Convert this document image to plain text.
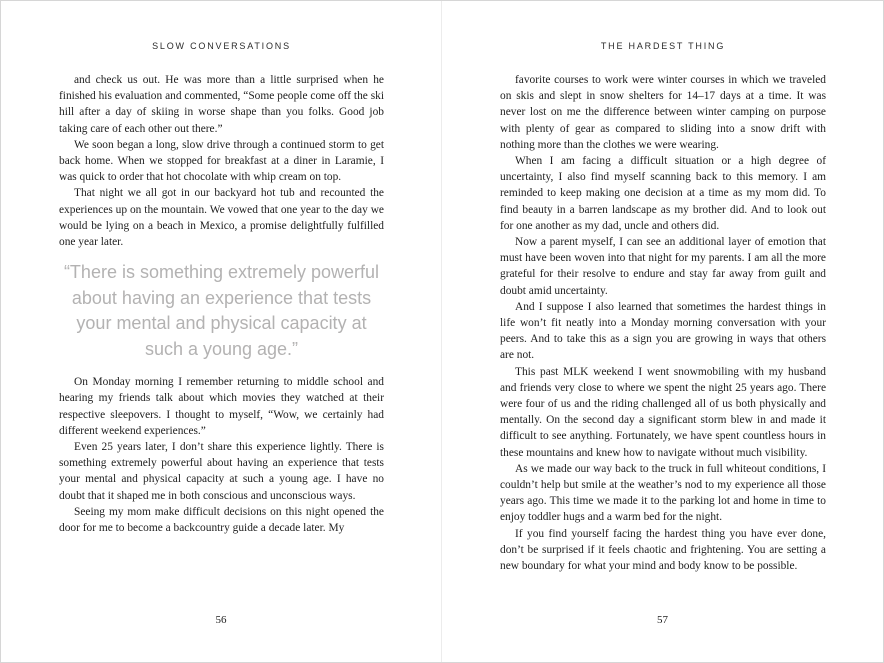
SLOW CONVERSATIONS

and check us out. He was more than a little surprised when he finished his evaluation and commented, “Some people come off the ski hill after a day of skiing in worse shape than you folks. Good job taking care of each other out there.”

We soon began a long, slow drive through a continued storm to get back home. When we stopped for breakfast at a diner in Laramie, I was quick to order that hot chocolate with whip cream on top.

That night we all got in our backyard hot tub and recounted the experiences up on the mountain. We vowed that one year to the day we would be lying on a beach in Mexico, a promise delightfully fulfilled one year later.

“There is something extremely powerful about having an experience that tests your mental and physical capacity at such a young age.”

On Monday morning I remember returning to middle school and hearing my friends talk about which movies they watched at their respective sleepovers. I thought to myself, “Wow, we certainly had different weekend experiences.”

Even 25 years later, I don’t share this experience lightly. There is something extremely powerful about having an experience that tests your mental and physical capacity at such a young age. I have no doubt that it shaped me in both conscious and unconscious ways.

Seeing my mom make difficult decisions on this night opened the door for me to become a backcountry guide a decade later. My

56
THE HARDEST THING

favorite courses to work were winter courses in which we traveled on skis and slept in snow shelters for 14–17 days at a time. It was never lost on me the difference between winter camping on purpose with plenty of gear as compared to sliding into a snow drift with nothing more than the clothes we were wearing.

When I am facing a difficult situation or a high degree of uncertainty, I also find myself scanning back to this memory. I am reminded to keep making one decision at a time as my mom did. To find beauty in a barren landscape as my brother did. And to look out for one another as my dad, uncle and others did.

Now a parent myself, I can see an additional layer of emotion that must have been woven into that night for my parents. I am all the more grateful for their resolve to endure and stay far away from guilt and doubt amid uncertainty.

And I suppose I also learned that sometimes the hardest things in life won’t fit neatly into a Monday morning conversation with your peers. And to take this as a sign you are growing in ways that others are not.

This past MLK weekend I went snowmobiling with my husband and friends very close to where we spent the night 25 years ago. There were four of us and the riding challenged all of us both physically and mentally. On the second day a significant storm blew in and made it difficult to see anything. Fortunately, we have spent countless hours in these mountains and knew how to navigate without much visibility.

As we made our way back to the truck in full whiteout conditions, I couldn’t help but smile at the weather’s nod to my experience all those years ago. This time we made it to the parking lot and home in time to enjoy toddler hugs and a warm bed for the night.

If you find yourself facing the hardest thing you have ever done, don’t be surprised if it feels chaotic and frightening. You are setting a new boundary for what your mind and body know to be possible.

57
